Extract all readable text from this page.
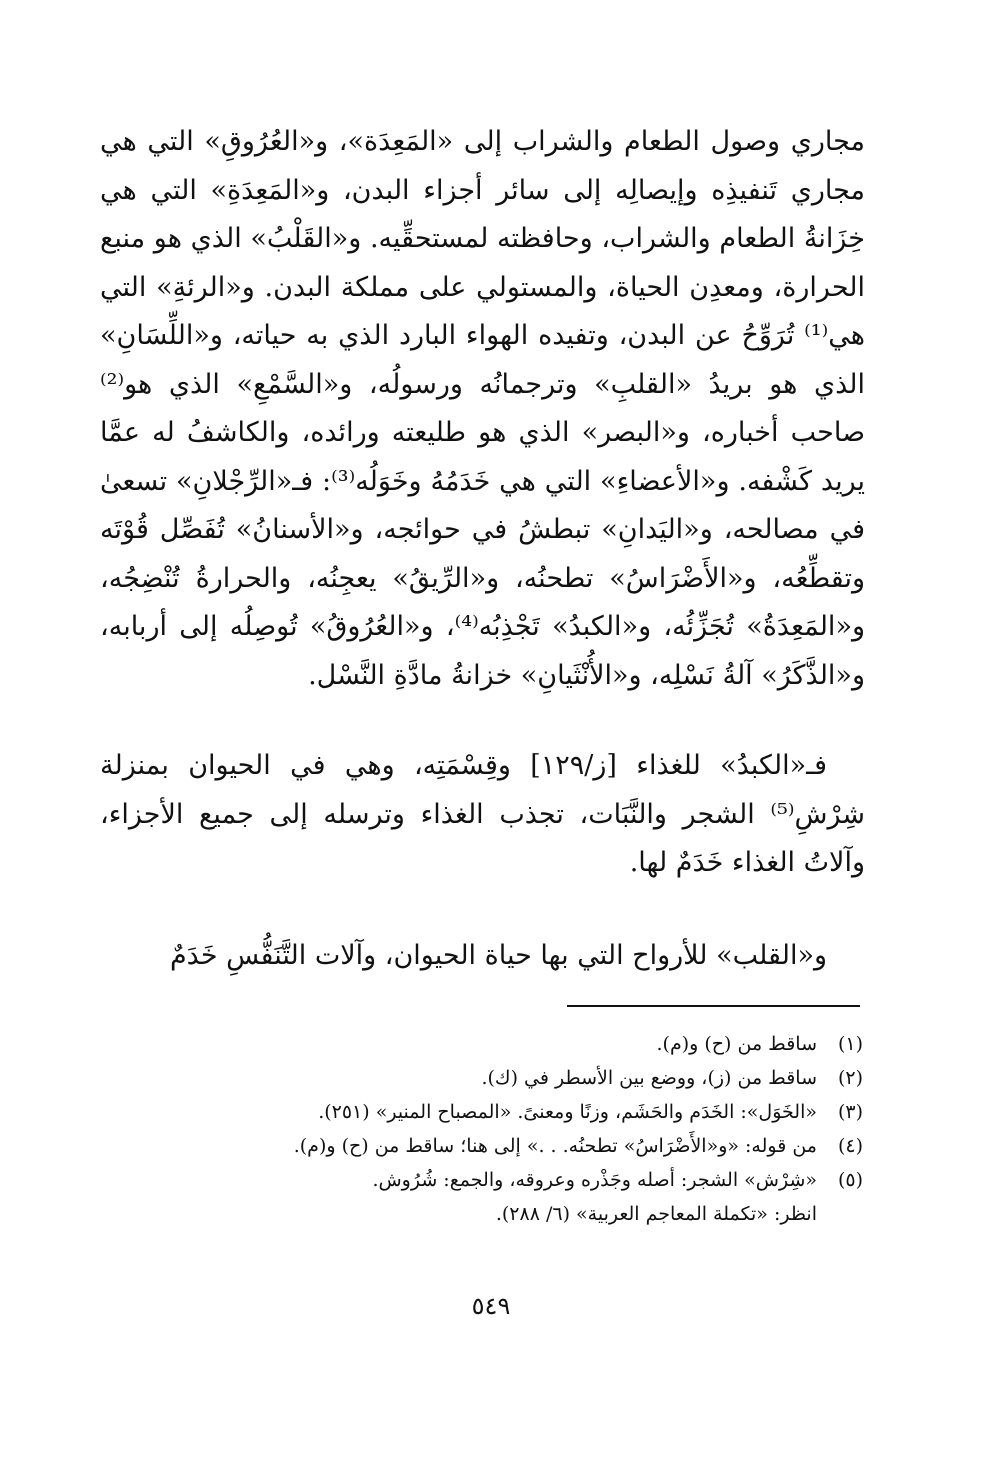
مجاري وصول الطعام والشراب إلى «المَعِدَة»، و«العُرُوقِ» التي هي مجاري تَنفيذِه وإيصالِه إلى سائر أجزاء البدن، و«المَعِدَةِ» التي هي خِزَانةُ الطعام والشراب، وحافظته لمستحقِّيه. و«القَلْبُ» الذي هو منبع الحرارة، ومعدِن الحياة، والمستولي على مملكة البدن. و«الرئةِ» التي هي⁽¹⁾ تُرَوِّحُ عن البدن، وتفيده الهواء البارد الذي به حياته، و«اللِّسَانِ» الذي هو بريدُ «القلبِ» وترجمانُه ورسولُه، و«السَّمْعِ» الذي هو⁽²⁾ صاحب أخباره، و«البصر» الذي هو طليعته ورائده، والكاشفُ له عمَّا يريد كَشْفه. و«الأعضاءِ» التي هي خَدَمُهُ وخَوَلُه⁽³⁾: فـ«الرِّجْلانِ» تسعىٰ في مصالحه، و«اليَدانِ» تبطشُ في حوائجه، و«الأسنانُ» تُفَصِّل قُوْتَه وتقطِّعُه، و«الأَضْرَاسُ» تطحنُه، و«الرِّيقُ» يعجِنُه، والحرارةُ تُنْضِجُه، و«المَعِدَةُ» تُجَزِّئُه، و«الكبدُ» تَجْذِبُه⁽⁴⁾، و«العُرُوقُ» تُوصِلُه إلى أربابه، و«الذَّكَرُ» آلةُ نَسْلِه، و«الأُنْثَيانِ» خزانةُ مادَّةِ النَّسْل.

فـ«الكبدُ» للغذاء [ز/١٢٩] وقِسْمَتِه، وهي في الحيوان بمنزلة شِرْشِ⁽⁵⁾ الشجر والنَّبَات، تجذب الغذاء وترسله إلى جميع الأجزاء، وآلاتُ الغذاء خَدَمٌ لها.

و«القلب» للأرواح التي بها حياة الحيوان، وآلات التَّنَفُّسِ خَدَمٌ

(١)
ساقط من (ح) و(م).
(٢)
ساقط من (ز)، ووضع بين الأسطر في (ك).
(٣)
«الخَوَل»: الخَدَم والحَشَم، وزنًا ومعنىً. «المصباح المنير» (٢٥١).
(٤)
من قوله: «و«الأَضْرَاسُ» تطحنُه. . .» إلى هنا؛ ساقط من (ح) و(م).
(٥)
«شِرْش» الشجر: أصله وجَذْره وعروقه، والجمع: شُرُوش.
انظر: «تكملة المعاجم العربية» (٦/ ٢٨٨).
٥٤٩
